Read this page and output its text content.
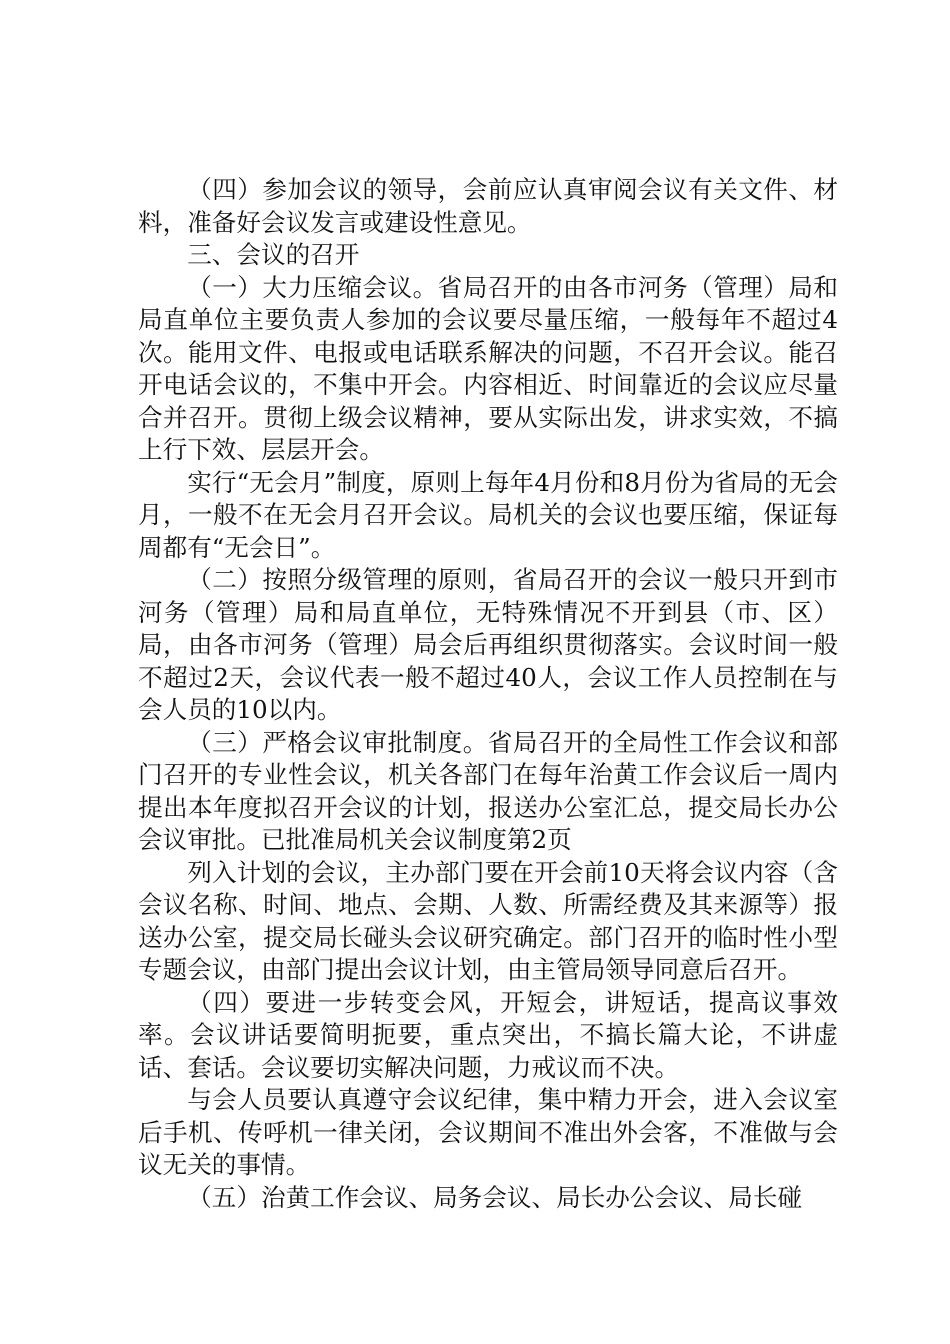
（四）参加会议的领导，会前应认真审阅会议有关文件、材料，准备好会议发言或建设性意见。

三、会议的召开

（一）大力压缩会议。省局召开的由各市河务（管理）局和局直单位主要负责人参加的会议要尽量压缩，一般每年不超过4次。能用文件、电报或电话联系解决的问题，不召开会议。能召开电话会议的，不集中开会。内容相近、时间靠近的会议应尽量合并召开。贯彻上级会议精神，要从实际出发，讲求实效，不搞上行下效、层层开会。

实行“无会月”制度，原则上每年4月份和8月份为省局的无会月，一般不在无会月召开会议。局机关的会议也要压缩，保证每周都有“无会日”。

（二）按照分级管理的原则，省局召开的会议一般只开到市河务（管理）局和局直单位，无特殊情况不开到县（市、区）局，由各市河务（管理）局会后再组织贯彻落实。会议时间一般不超过2天，会议代表一般不超过40人，会议工作人员控制在与会人员的10以内。

（三）严格会议审批制度。省局召开的全局性工作会议和部门召开的专业性会议，机关各部门在每年治黄工作会议后一周内提出本年度拟召开会议的计划，报送办公室汇总，提交局长办公会议审批。已批准局机关会议制度第2页

列入计划的会议，主办部门要在开会前10天将会议内容（含会议名称、时间、地点、会期、人数、所需经费及其来源等）报送办公室，提交局长碰头会议研究确定。部门召开的临时性小型专题会议，由部门提出会议计划，由主管局领导同意后召开。

（四）要进一步转变会风，开短会，讲短话，提高议事效率。会议讲话要简明扼要，重点突出，不搞长篇大论，不讲虚话、套话。会议要切实解决问题，力戒议而不决。

与会人员要认真遵守会议纪律，集中精力开会，进入会议室后手机、传呼机一律关闭，会议期间不准出外会客，不准做与会议无关的事情。

（五）治黄工作会议、局务会议、局长办公会议、局长碰
